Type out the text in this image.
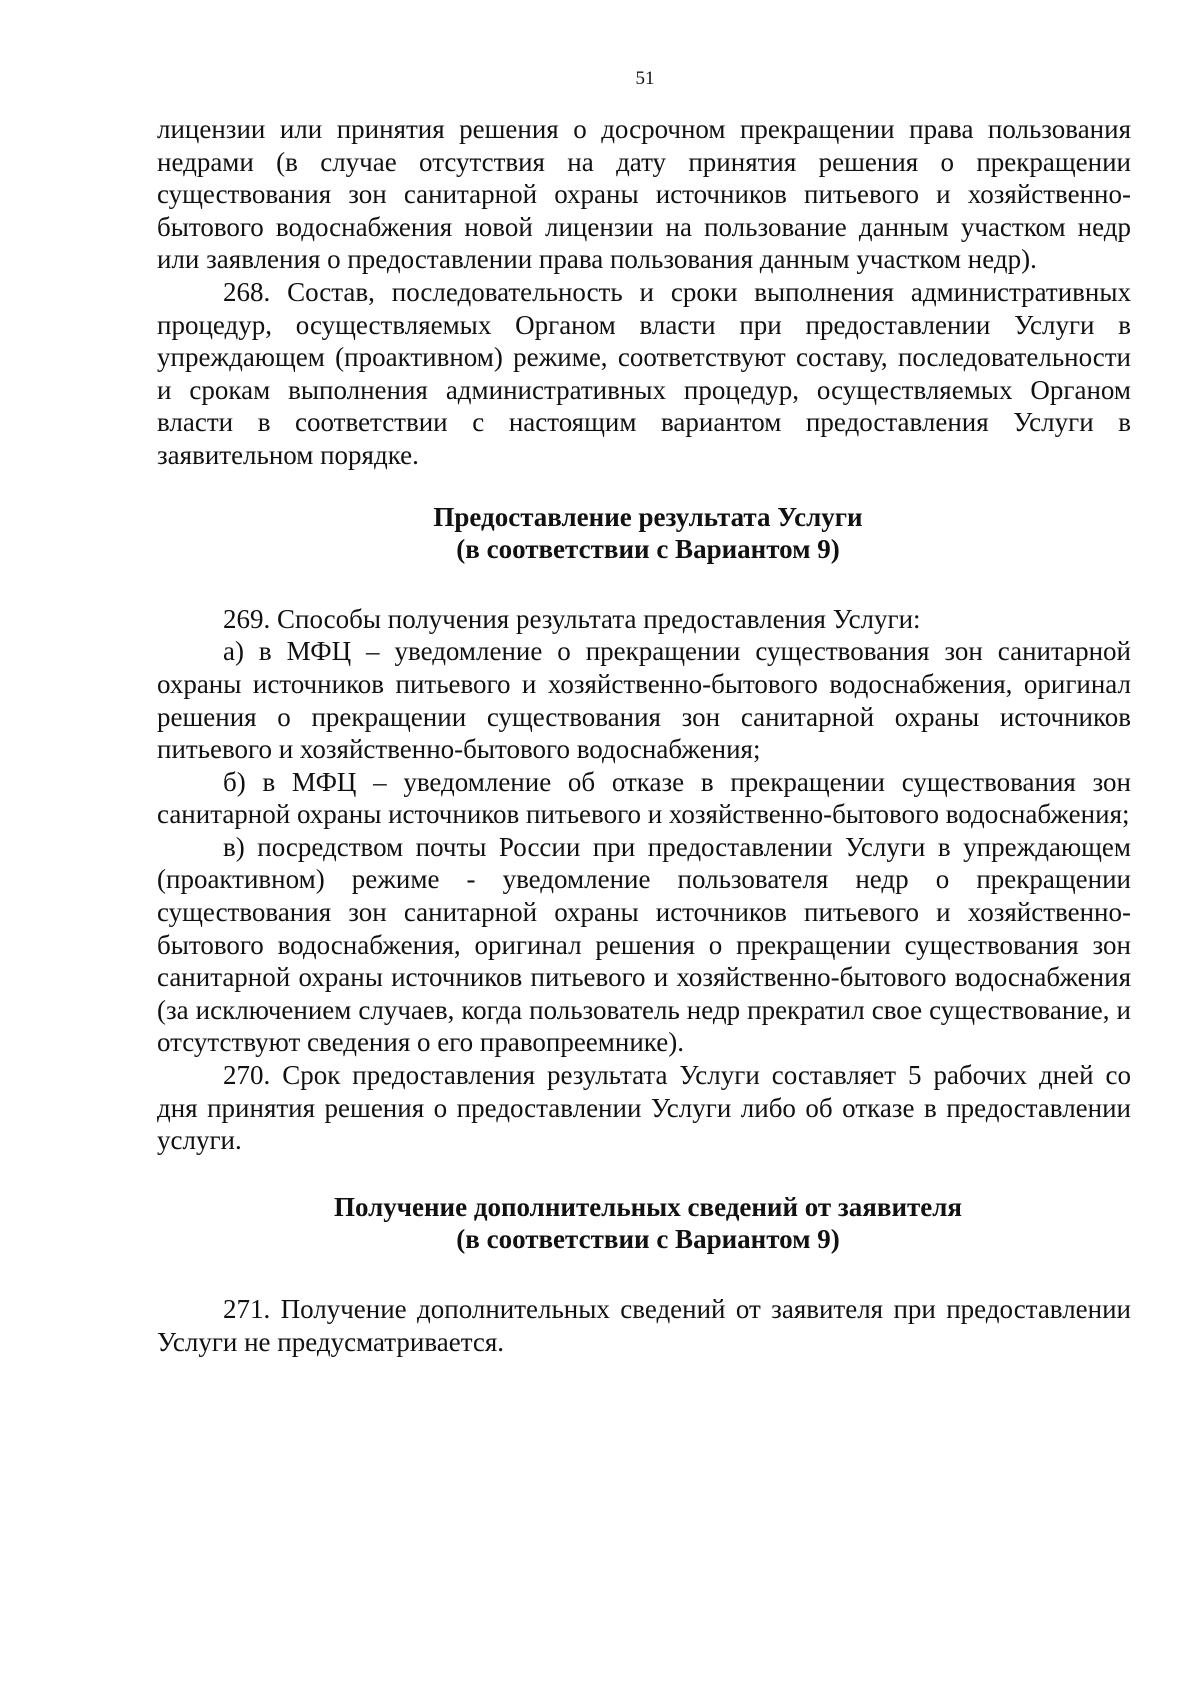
51

лицензии или принятия решения о досрочном прекращении права пользования недрами (в случае отсутствия на дату принятия решения о прекращении существования зон санитарной охраны источников питьевого и хозяйственно-бытового водоснабжения новой лицензии на пользование данным участком недр или заявления о предоставлении права пользования данным участком недр).

268. Состав, последовательность и сроки выполнения административных процедур, осуществляемых Органом власти при предоставлении Услуги в упреждающем (проактивном) режиме, соответствуют составу, последовательности и срокам выполнения административных процедур, осуществляемых Органом власти в соответствии с настоящим вариантом предоставления Услуги в заявительном порядке.

Предоставление результата Услуги
(в соответствии с Вариантом 9)

269. Способы получения результата предоставления Услуги:

а) в МФЦ – уведомление о прекращении существования зон санитарной охраны источников питьевого и хозяйственно-бытового водоснабжения, оригинал решения о прекращении существования зон санитарной охраны источников питьевого и хозяйственно-бытового водоснабжения;

б) в МФЦ – уведомление об отказе в прекращении существования зон санитарной охраны источников питьевого и хозяйственно-бытового водоснабжения;

в) посредством почты России при предоставлении Услуги в упреждающем (проактивном) режиме - уведомление пользователя недр о прекращении существования зон санитарной охраны источников питьевого и хозяйственно-бытового водоснабжения, оригинал решения о прекращении существования зон санитарной охраны источников питьевого и хозяйственно-бытового водоснабжения (за исключением случаев, когда пользователь недр прекратил свое существование, и отсутствуют сведения о его правопреемнике).

270. Срок предоставления результата Услуги составляет 5 рабочих дней со дня принятия решения о предоставлении Услуги либо об отказе в предоставлении услуги.

Получение дополнительных сведений от заявителя
(в соответствии с Вариантом 9)

271. Получение дополнительных сведений от заявителя при предоставлении Услуги не предусматривается.
